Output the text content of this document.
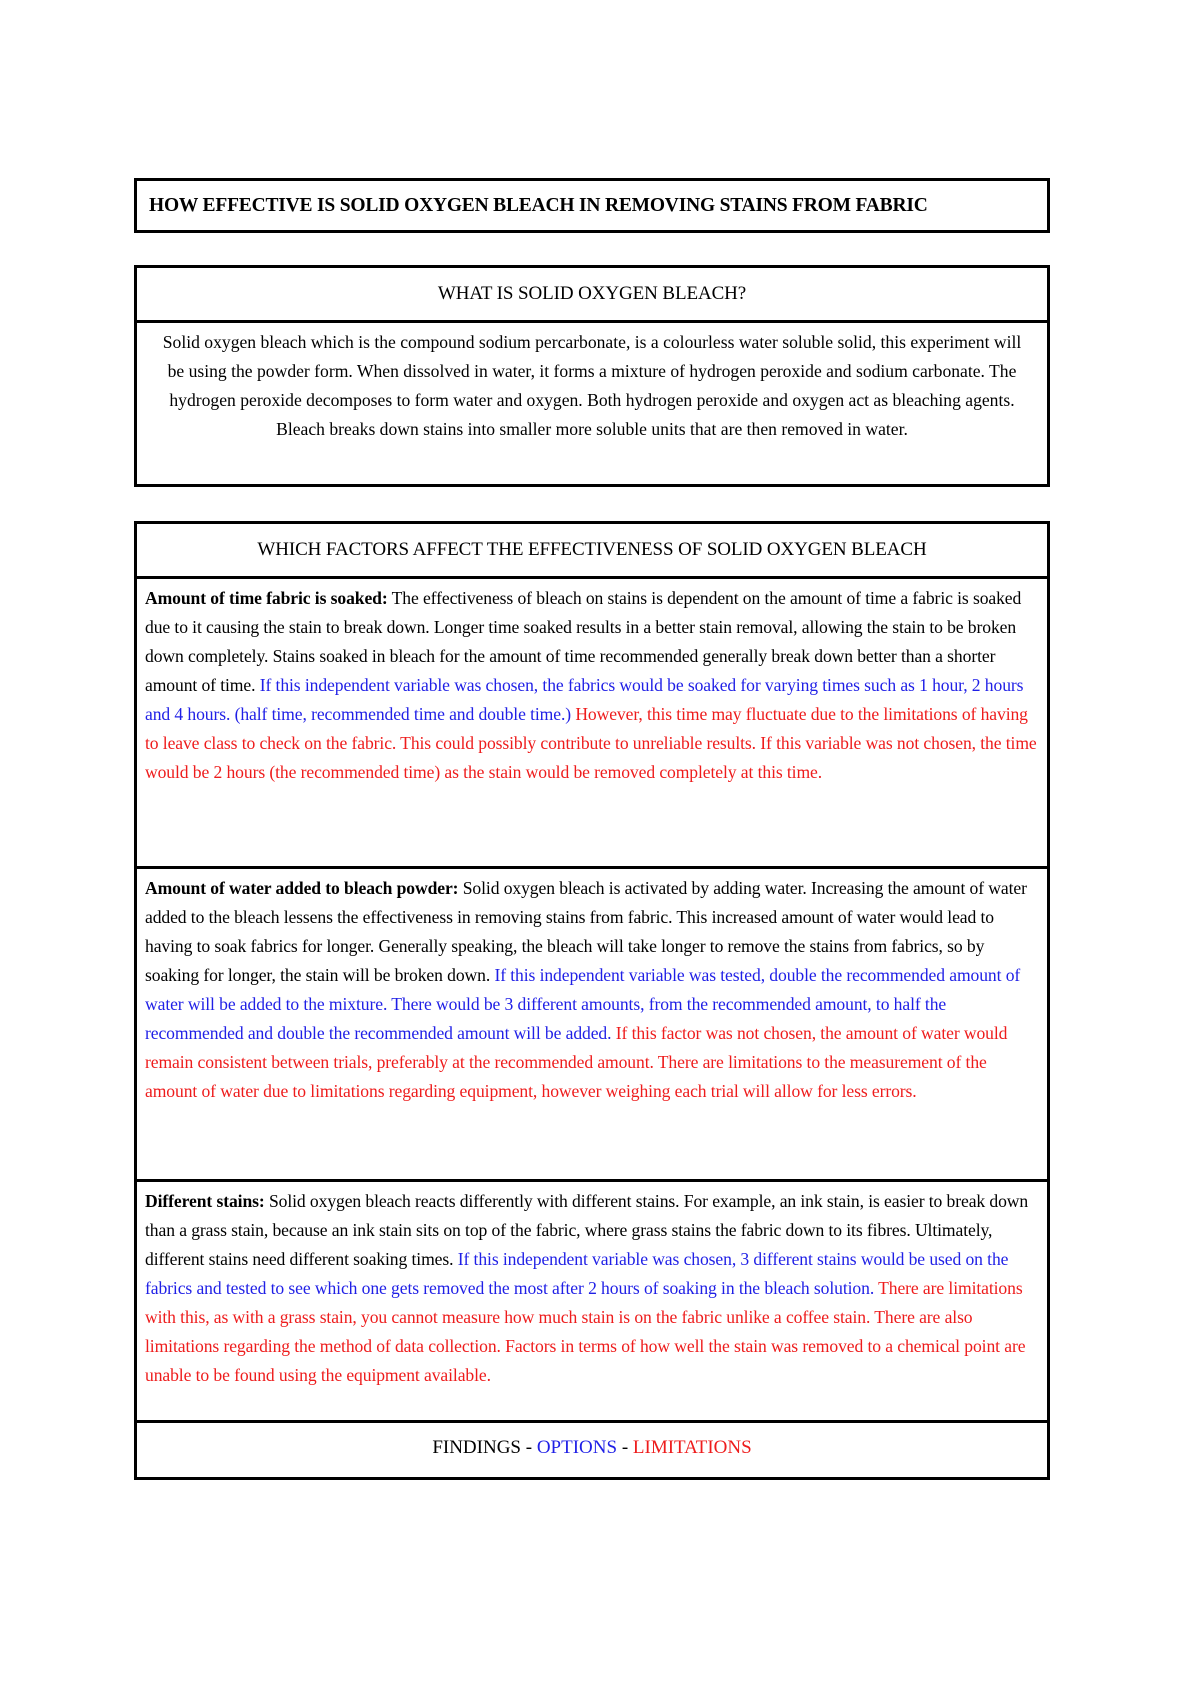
HOW EFFECTIVE IS SOLID OXYGEN BLEACH IN REMOVING STAINS FROM FABRIC
WHAT IS SOLID OXYGEN BLEACH?
Solid oxygen bleach which is the compound sodium percarbonate, is a colourless water soluble solid, this experiment will be using the powder form. When dissolved in water, it forms a mixture of hydrogen peroxide and sodium carbonate. The hydrogen peroxide decomposes to form water and oxygen. Both hydrogen peroxide and oxygen act as bleaching agents. Bleach breaks down stains into smaller more soluble units that are then removed in water.
WHICH FACTORS AFFECT THE EFFECTIVENESS OF SOLID OXYGEN BLEACH
Amount of time fabric is soaked: The effectiveness of bleach on stains is dependent on the amount of time a fabric is soaked due to it causing the stain to break down. Longer time soaked results in a better stain removal, allowing the stain to be broken down completely. Stains soaked in bleach for the amount of time recommended generally break down better than a shorter amount of time. If this independent variable was chosen, the fabrics would be soaked for varying times such as 1 hour, 2 hours and 4 hours. (half time, recommended time and double time.) However, this time may fluctuate due to the limitations of having to leave class to check on the fabric. This could possibly contribute to unreliable results. If this variable was not chosen, the time would be 2 hours (the recommended time) as the stain would be removed completely at this time.
Amount of water added to bleach powder: Solid oxygen bleach is activated by adding water. Increasing the amount of water added to the bleach lessens the effectiveness in removing stains from fabric. This increased amount of water would lead to having to soak fabrics for longer. Generally speaking, the bleach will take longer to remove the stains from fabrics, so by soaking for longer, the stain will be broken down. If this independent variable was tested, double the recommended amount of water will be added to the mixture. There would be 3 different amounts, from the recommended amount, to half the recommended and double the recommended amount will be added. If this factor was not chosen, the amount of water would remain consistent between trials, preferably at the recommended amount. There are limitations to the measurement of the amount of water due to limitations regarding equipment, however weighing each trial will allow for less errors.
Different stains: Solid oxygen bleach reacts differently with different stains. For example, an ink stain, is easier to break down than a grass stain, because an ink stain sits on top of the fabric, where grass stains the fabric down to its fibres. Ultimately, different stains need different soaking times. If this independent variable was chosen, 3 different stains would be used on the fabrics and tested to see which one gets removed the most after 2 hours of soaking in the bleach solution. There are limitations with this, as with a grass stain, you cannot measure how much stain is on the fabric unlike a coffee stain. There are also limitations regarding the method of data collection. Factors in terms of how well the stain was removed to a chemical point are unable to be found using the equipment available.
FINDINGS - OPTIONS - LIMITATIONS
